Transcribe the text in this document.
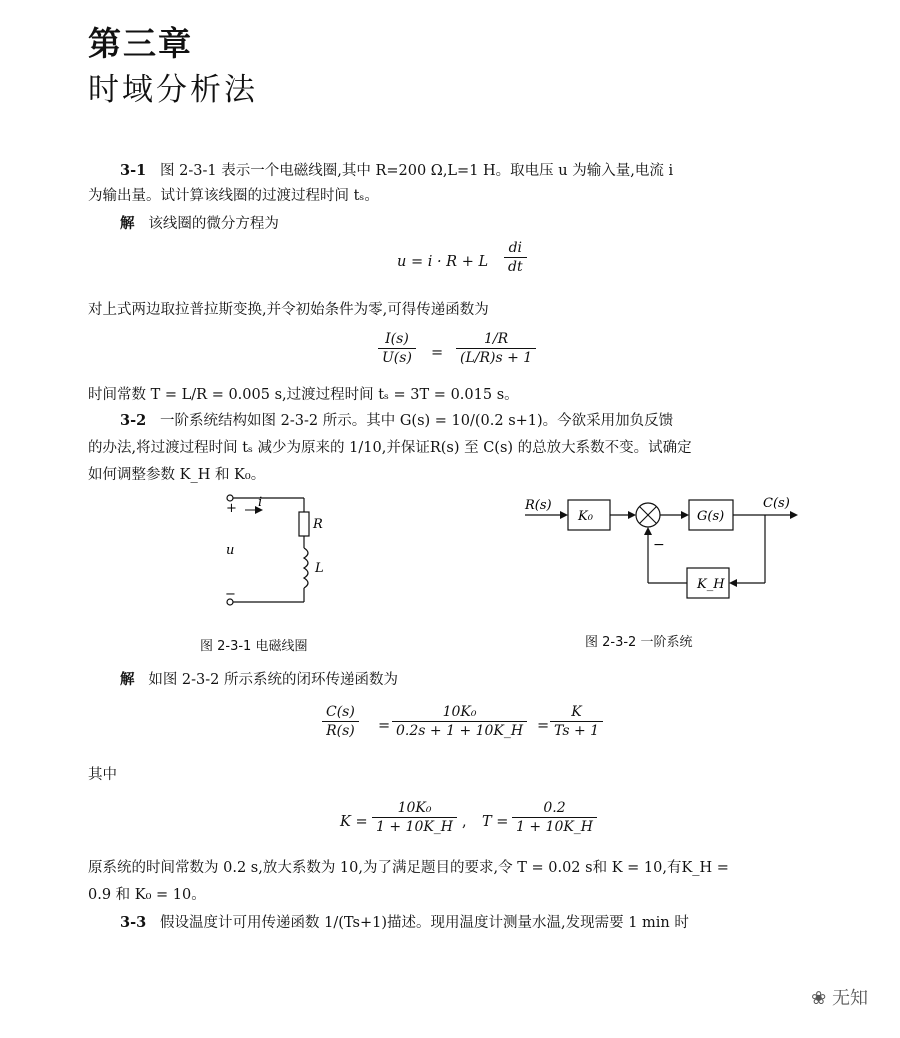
第三章
时域分析法
3-1 图 2-3-1 表示一个电磁线圈,其中 R=200 Ω,L=1 H。取电压 u 为输入量,电流 i
为输出量。试计算该线圈的过渡过程时间 tₛ。
解 该线圈的微分方程为
u = i · R + L $\frac{di}{dt}$
对上式两边取拉普拉斯变换,并令初始条件为零,可得传递函数为
$\frac{I(s)}{U(s)} = \frac{1/R}{(L/R)s + 1}$
时间常数 T = L/R = 0.005 s,过渡过程时间 tₛ = 3T = 0.015 s。
3-2 一阶系统结构如图 2-3-2 所示。其中 G(s) = 10/(0.2 s+1)。今欲采用加负反馈
的办法,将过渡过程时间 tₛ 减少为原来的 1/10,并保证R(s) 至 C(s) 的总放大系数不变。试确定
如何调整参数 K_H 和 K₀。
+ i
u
R
L
−
图 2-3-1 电磁线圈
R(s)
K₀	G(s)
C(s)
K_H
−
图 2-3-2 一阶系统
解 如图 2-3-2 所示系统的闭环传递函数为
$\frac{C(s)}{R(s)} = \frac{\text{10K₀}}{0.2s + 1 + 10K\_H} = \frac{K}{Ts + 1}$
其中
$K = \frac{\text{10K₀}}{1 + 10K\_H}$ , $T = \frac{0.2}{1 + 10K\_H}$
原系统的时间常数为 0.2 s,放大系数为 10,为了满足题目的要求,令 T = 0.02 s和 K = 10,有K_H =
0.9 和 K₀ = 10。
3-3 假设温度计可用传递函数 1/(Ts+1)描述。现用温度计测量水温,发现需要 1 min 时
❀ 无知
